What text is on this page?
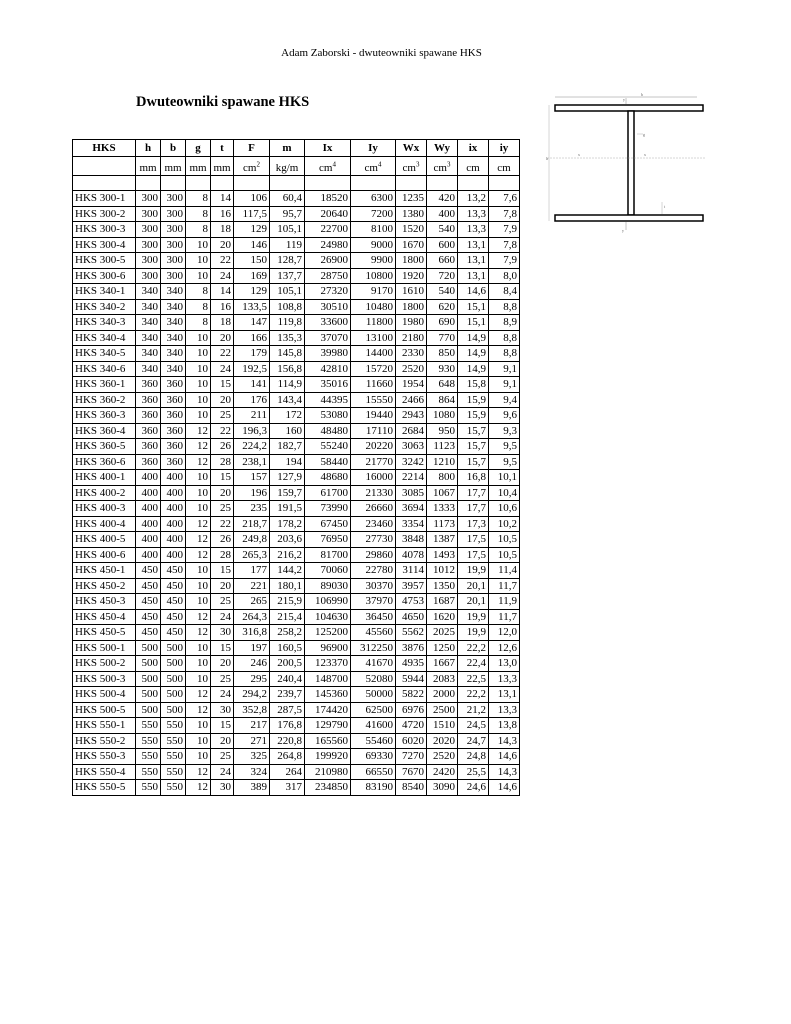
Adam Zaborski - dwuteowniki spawane HKS
Dwuteowniki spawane HKS	b
y
x	x
h
g
t
y
HKS	h	b	g	t	F	m	Ix	Iy	Wx	Wy	ix	iy
	mm	mm	mm	mm	$cm^2$	kg/m	$cm^4$	$cm^4$	$cm^3$	$cm^3$	cm	cm

HKS 300-1	300	300	8	14	106	60,4	18520	6300	1235	420	13,2	7,6
HKS 300-2	300	300	8	16	117,5	95,7	20640	7200	1380	400	13,3	7,8
HKS 300-3	300	300	8	18	129	105,1	22700	8100	1520	540	13,3	7,9
HKS 300-4	300	300	10	20	146	119	24980	9000	1670	600	13,1	7,8
HKS 300-5	300	300	10	22	150	128,7	26900	9900	1800	660	13,1	7,9
HKS 300-6	300	300	10	24	169	137,7	28750	10800	1920	720	13,1	8,0
HKS 340-1	340	340	8	14	129	105,1	27320	9170	1610	540	14,6	8,4
HKS 340-2	340	340	8	16	133,5	108,8	30510	10480	1800	620	15,1	8,8
HKS 340-3	340	340	8	18	147	119,8	33600	11800	1980	690	15,1	8,9
HKS 340-4	340	340	10	20	166	135,3	37070	13100	2180	770	14,9	8,8
HKS 340-5	340	340	10	22	179	145,8	39980	14400	2330	850	14,9	8,8
HKS 340-6	340	340	10	24	192,5	156,8	42810	15720	2520	930	14,9	9,1
HKS 360-1	360	360	10	15	141	114,9	35016	11660	1954	648	15,8	9,1
HKS 360-2	360	360	10	20	176	143,4	44395	15550	2466	864	15,9	9,4
HKS 360-3	360	360	10	25	211	172	53080	19440	2943	1080	15,9	9,6
HKS 360-4	360	360	12	22	196,3	160	48480	17110	2684	950	15,7	9,3
HKS 360-5	360	360	12	26	224,2	182,7	55240	20220	3063	1123	15,7	9,5
HKS 360-6	360	360	12	28	238,1	194	58440	21770	3242	1210	15,7	9,5
HKS 400-1	400	400	10	15	157	127,9	48680	16000	2214	800	16,8	10,1
HKS 400-2	400	400	10	20	196	159,7	61700	21330	3085	1067	17,7	10,4
HKS 400-3	400	400	10	25	235	191,5	73990	26660	3694	1333	17,7	10,6
HKS 400-4	400	400	12	22	218,7	178,2	67450	23460	3354	1173	17,3	10,2
HKS 400-5	400	400	12	26	249,8	203,6	76950	27730	3848	1387	17,5	10,5
HKS 400-6	400	400	12	28	265,3	216,2	81700	29860	4078	1493	17,5	10,5
HKS 450-1	450	450	10	15	177	144,2	70060	22780	3114	1012	19,9	11,4
HKS 450-2	450	450	10	20	221	180,1	89030	30370	3957	1350	20,1	11,7
HKS 450-3	450	450	10	25	265	215,9	106990	37970	4753	1687	20,1	11,9
HKS 450-4	450	450	12	24	264,3	215,4	104630	36450	4650	1620	19,9	11,7
HKS 450-5	450	450	12	30	316,8	258,2	125200	45560	5562	2025	19,9	12,0
HKS 500-1	500	500	10	15	197	160,5	96900	312250	3876	1250	22,2	12,6
HKS 500-2	500	500	10	20	246	200,5	123370	41670	4935	1667	22,4	13,0
HKS 500-3	500	500	10	25	295	240,4	148700	52080	5944	2083	22,5	13,3
HKS 500-4	500	500	12	24	294,2	239,7	145360	50000	5822	2000	22,2	13,1
HKS 500-5	500	500	12	30	352,8	287,5	174420	62500	6976	2500	21,2	13,3
HKS 550-1	550	550	10	15	217	176,8	129790	41600	4720	1510	24,5	13,8
HKS 550-2	550	550	10	20	271	220,8	165560	55460	6020	2020	24,7	14,3
HKS 550-3	550	550	10	25	325	264,8	199920	69330	7270	2520	24,8	14,6
HKS 550-4	550	550	12	24	324	264	210980	66550	7670	2420	25,5	14,3
HKS 550-5	550	550	12	30	389	317	234850	83190	8540	3090	24,6	14,6
